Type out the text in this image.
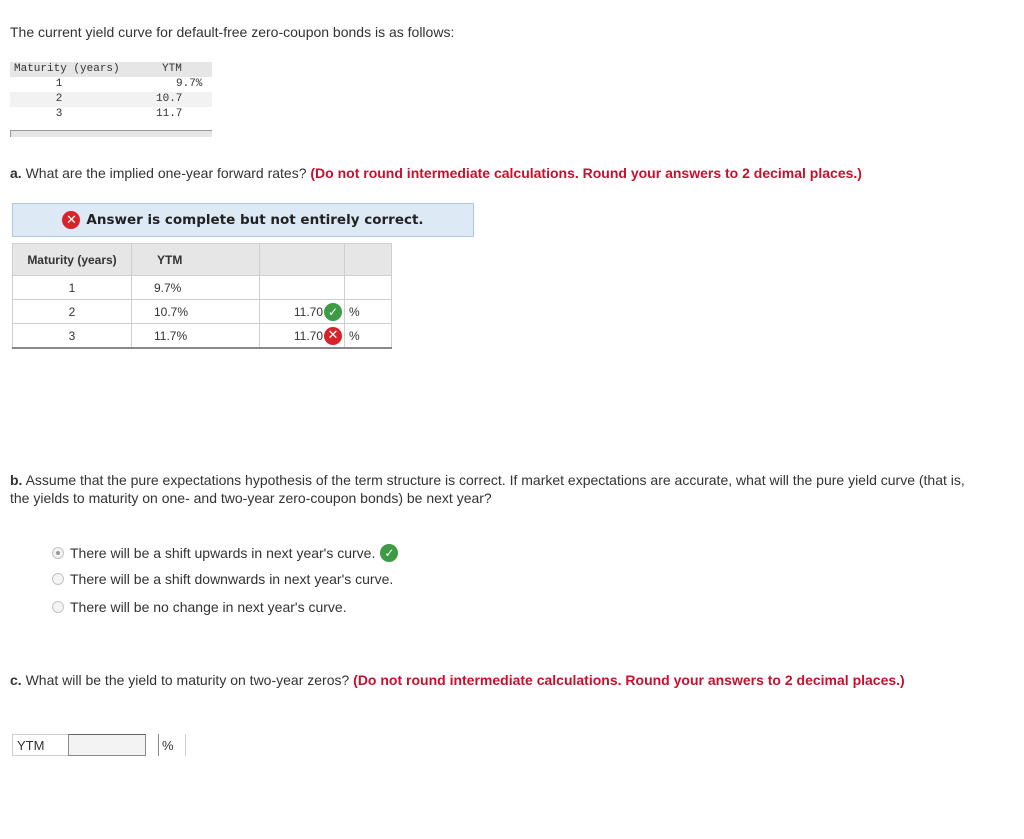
The current yield curve for default-free zero-coupon bonds is as follows:
Maturity (years)	YTM
1	9.7%
2	10.7
3	11.7
a. What are the implied one-year forward rates? (Do not round intermediate calculations. Round your answers to 2 decimal places.)
✕ Answer is complete but not entirely correct.
Maturity (years)	YTM		
1	9.7%		
2	10.7%	11.70 ✓	%
3	11.7%	11.70 ✕	%
b. Assume that the pure expectations hypothesis of the term structure is correct. If market expectations are accurate, what will the pure yield curve (that is, the yields to maturity on one- and two-year zero-coupon bonds) be next year?
There will be a shift upwards in next year's curve. ✓
There will be a shift downwards in next year's curve.
There will be no change in next year's curve.
c. What will be the yield to maturity on two-year zeros? (Do not round intermediate calculations. Round your answers to 2 decimal places.)
YTM	%
